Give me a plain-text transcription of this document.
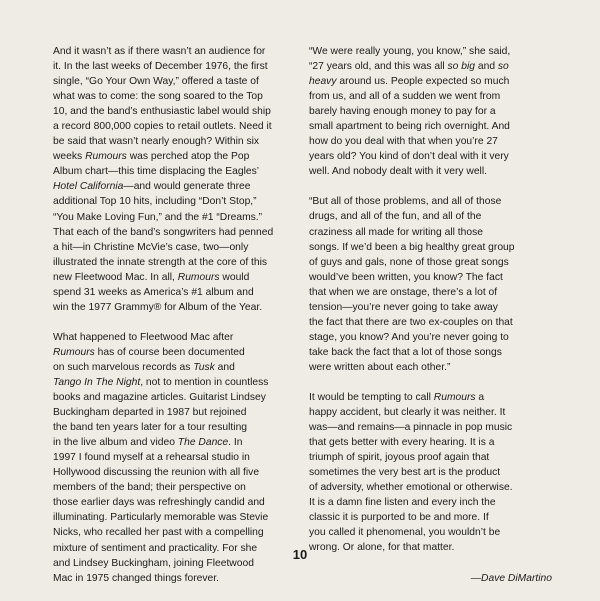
And it wasn’t as if there wasn’t an audience for
it. In the last weeks of December 1976, the first
single, “Go Your Own Way,” offered a taste of
what was to come: the song soared to the Top
10, and the band’s enthusiastic label would ship
a record 800,000 copies to retail outlets. Need it
be said that wasn’t nearly enough? Within six
weeks Rumours was perched atop the Pop
Album chart—this time displacing the Eagles’
Hotel California—and would generate three
additional Top 10 hits, including “Don’t Stop,”
“You Make Loving Fun,” and the #1 “Dreams.”
That each of the band’s songwriters had penned
a hit—in Christine McVie’s case, two—only
illustrated the innate strength at the core of this
new Fleetwood Mac. In all, Rumours would
spend 31 weeks as America’s #1 album and
win the 1977 Grammy® for Album of the Year.

What happened to Fleetwood Mac after
Rumours has of course been documented
on such marvelous records as Tusk and
Tango In The Night, not to mention in countless
books and magazine articles. Guitarist Lindsey
Buckingham departed in 1987 but rejoined
the band ten years later for a tour resulting
in the live album and video The Dance. In
1997 I found myself at a rehearsal studio in
Hollywood discussing the reunion with all five
members of the band; their perspective on
those earlier days was refreshingly candid and
illuminating. Particularly memorable was Stevie
Nicks, who recalled her past with a compelling
mixture of sentiment and practicality. For she
and Lindsey Buckingham, joining Fleetwood
Mac in 1975 changed things forever.

“We were really young, you know,” she said,
“27 years old, and this was all so big and so
heavy around us. People expected so much
from us, and all of a sudden we went from
barely having enough money to pay for a
small apartment to being rich overnight. And
how do you deal with that when you’re 27
years old? You kind of don’t deal with it very
well. And nobody dealt with it very well.

“But all of those problems, and all of those
drugs, and all of the fun, and all of the
craziness all made for writing all those
songs. If we’d been a big healthy great group
of guys and gals, none of those great songs
would’ve been written, you know? The fact
that when we are onstage, there’s a lot of
tension—you’re never going to take away
the fact that there are two ex-couples on that
stage, you know? And you’re never going to
take back the fact that a lot of those songs
were written about each other.”

It would be tempting to call Rumours a
happy accident, but clearly it was neither. It
was—and remains—a pinnacle in pop music
that gets better with every hearing. It is a
triumph of spirit, joyous proof again that
sometimes the very best art is the product
of adversity, whether emotional or otherwise.
It is a damn fine listen and every inch the
classic it is purported to be and more. If
you called it phenomenal, you wouldn’t be
wrong. Or alone, for that matter.

—Dave DiMartino

10
